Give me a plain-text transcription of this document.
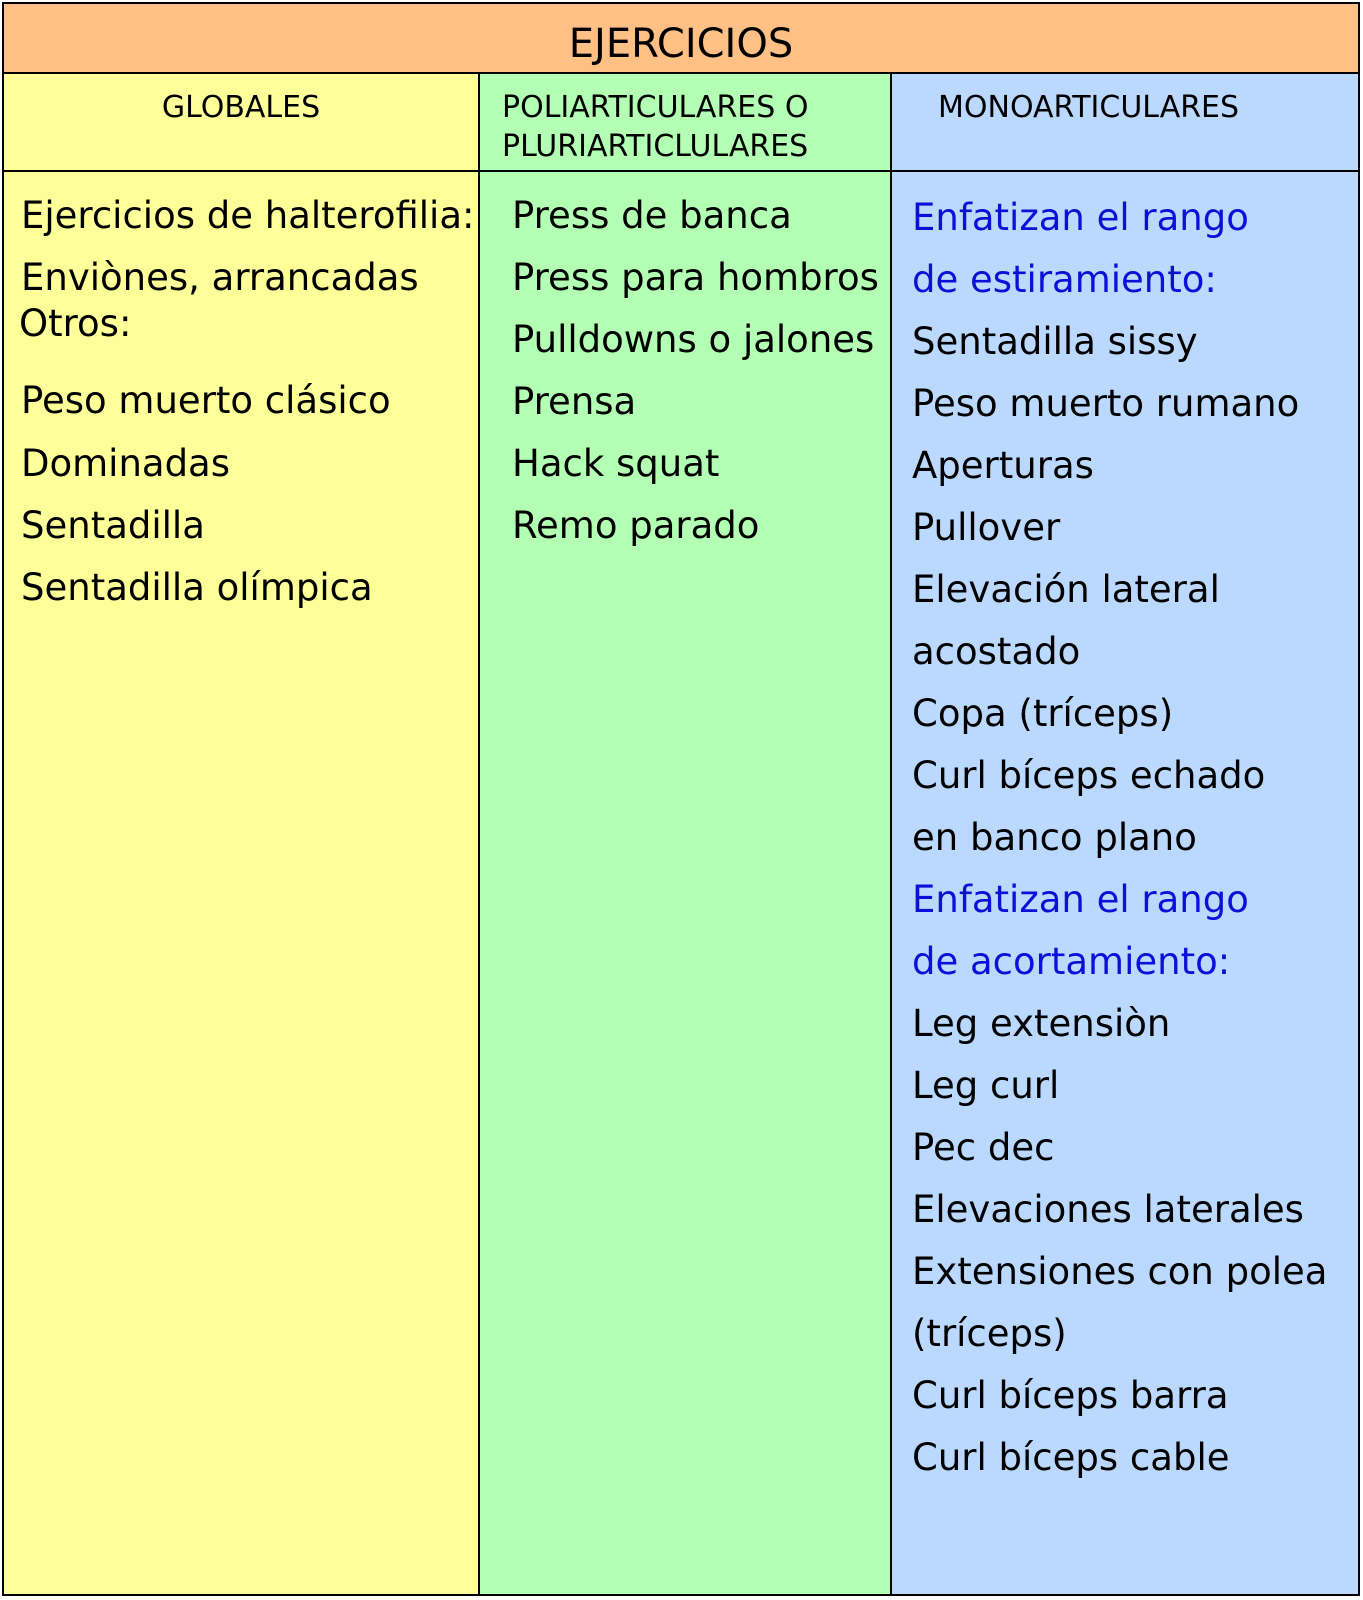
EJERCICIOS
GLOBALES
Ejercicios de halterofilia:
Enviònes, arrancadas
Otros:
Peso muerto clásico
Dominadas
Sentadilla
Sentadilla olímpica
POLIARTICULARES O
PLURIARTICLULARES
Press de banca
Press para hombros
Pulldowns o jalones
Prensa
Hack squat
Remo parado
MONOARTICULARES
Enfatizan el rango
de estiramiento:
Sentadilla sissy
Peso muerto rumano
Aperturas
Pullover
Elevación lateral
acostado
Copa (tríceps)
Curl bíceps echado
en banco plano
Enfatizan el rango
de acortamiento:
Leg extensiòn
Leg curl
Pec dec
Elevaciones laterales
Extensiones con polea
(tríceps)
Curl bíceps barra
Curl bíceps cable
